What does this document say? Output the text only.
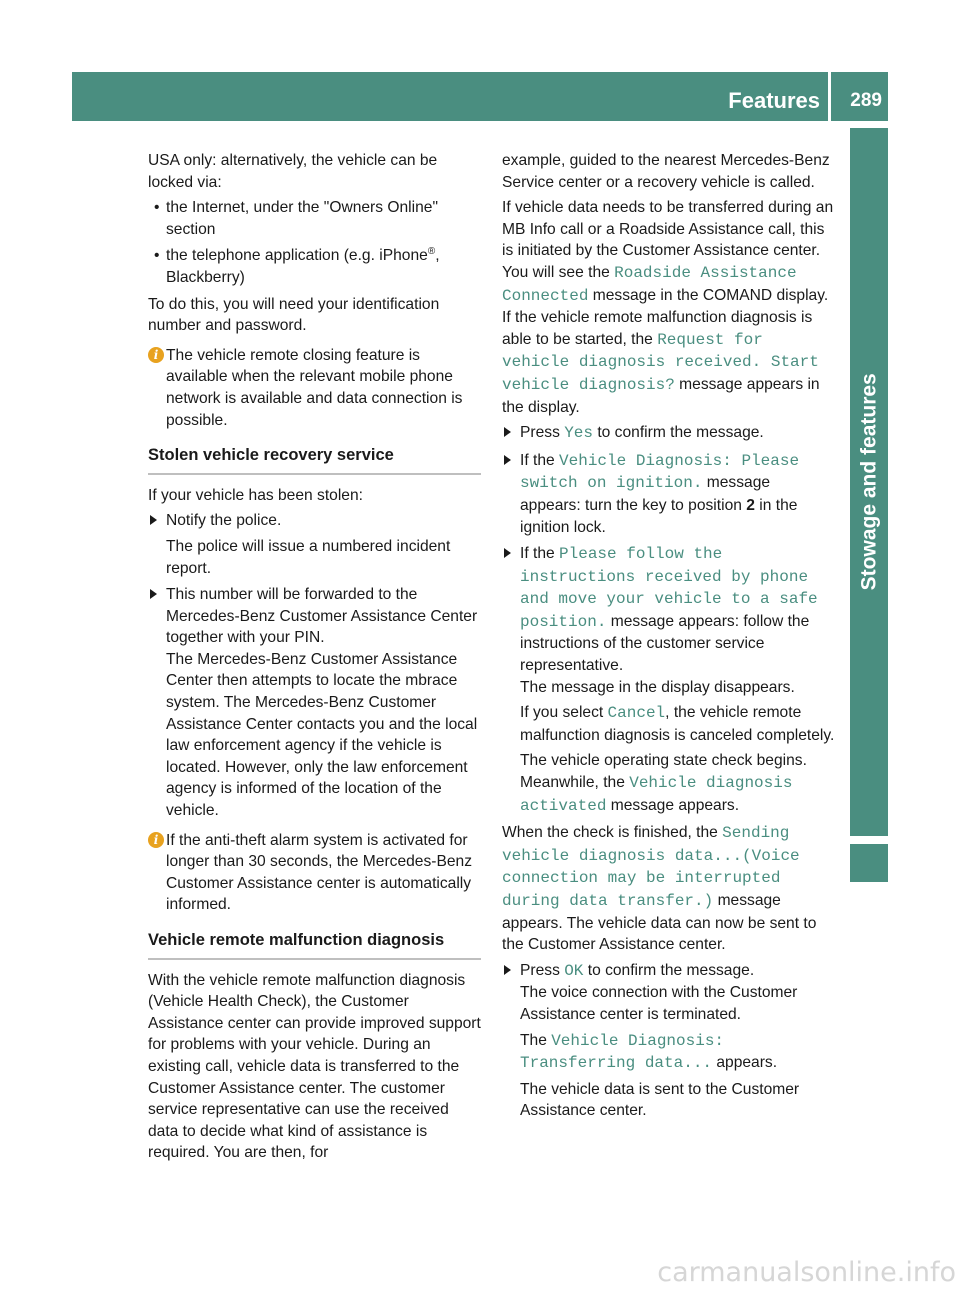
Features 289
Stowage and features

USA only: alternatively, the vehicle can be locked via:

• the Internet, under the "Owners Online" section
• the telephone application (e.g. iPhone®, Blackberry)

To do this, you will need your identification number and password.

i The vehicle remote closing feature is available when the relevant mobile phone network is available and data connection is possible.
Stolen vehicle recovery service

If your vehicle has been stolen:

Notify the police.

The police will issue a numbered incident report.

This number will be forwarded to the Mercedes-Benz Customer Assistance Center together with your PIN.

The Mercedes-Benz Customer Assistance Center then attempts to locate the mbrace system. The Mercedes-Benz Customer Assistance Center contacts you and the local law enforcement agency if the vehicle is located. However, only the law enforcement agency is informed of the location of the vehicle.

i If the anti-theft alarm system is activated for longer than 30 seconds, the Mercedes-Benz Customer Assistance center is automatically informed.
Vehicle remote malfunction diagnosis

With the vehicle remote malfunction diagnosis (Vehicle Health Check), the Customer Assistance center can provide improved support for problems with your vehicle. During an existing call, vehicle data is transferred to the Customer Assistance center. The customer service representative can use the received data to decide what kind of assistance is required. You are then, for

example, guided to the nearest Mercedes-Benz Service center or a recovery vehicle is called.

If vehicle data needs to be transferred during an MB Info call or a Roadside Assistance call, this is initiated by the Customer Assistance center. You will see the Roadside Assistance Connected message in the COMAND display. If the vehicle remote malfunction diagnosis is able to be started, the Request for vehicle diagnosis received. Start vehicle diagnosis? message appears in the display.

Press Yes to confirm the message.
If the Vehicle Diagnosis: Please switch on ignition. message appears: turn the key to position 2 in the ignition lock.

If the Please follow the instructions received by phone and move your vehicle to a safe position. message appears: follow the instructions of the customer service representative.

The message in the display disappears.

If you select Cancel, the vehicle remote malfunction diagnosis is canceled completely.

The vehicle operating state check begins. Meanwhile, the Vehicle diagnosis activated message appears.

When the check is finished, the Sending vehicle diagnosis data...(Voice connection may be interrupted during data transfer.) message appears. The vehicle data can now be sent to the Customer Assistance center.

Press OK to confirm the message.

The voice connection with the Customer Assistance center is terminated.

The Vehicle Diagnosis: Transferring data... appears.

The vehicle data is sent to the Customer Assistance center.

carmanualsonline.info
